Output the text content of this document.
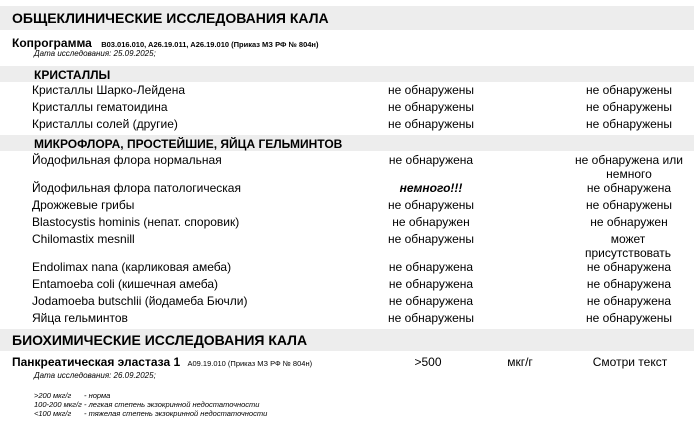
ОБЩЕКЛИНИЧЕСКИЕ ИССЛЕДОВАНИЯ КАЛА
Копрограмма B03.016.010, A26.19.011, A26.19.010 (Приказ МЗ РФ № 804н)
Дата исследования: 25.09.2025;
КРИСТАЛЛЫ
Кристаллы Шарко-Лейдена	не обнаружены	не обнаружены
Кристаллы гематоидина	не обнаружены	не обнаружены
Кристаллы солей (другие)	не обнаружены	не обнаружены
МИКРОФЛОРА, ПРОСТЕЙШИЕ, ЯЙЦА ГЕЛЬМИНТОВ
Йодофильная флора нормальная	не обнаружена	не обнаружена или немного
Йодофильная флора патологическая	немного!!!	не обнаружена
Дрожжевые грибы	не обнаружены	не обнаружены
Blastocystis hominis (непат. споровик)	не обнаружен	не обнаружен
Chilomastix mesnill	не обнаружены	может присутствовать
Endolimax nana (карликовая амеба)	не обнаружена	не обнаружена
Entamoeba coli (кишечная амеба)	не обнаружена	не обнаружена
Jodamoeba butschlii (йодамеба Бючли)	не обнаружена	не обнаружена
Яйца гельминтов	не обнаружены	не обнаружены
БИОХИМИЧЕСКИЕ ИССЛЕДОВАНИЯ КАЛА
Панкреатическая эластаза 1 A09.19.010 (Приказ МЗ РФ № 804н)	>500	мкг/г	Смотри текст
Дата исследования: 26.09.2025;
>200 мкг/г - норма
100-200 мкг/г - легкая степень экзокринной недостаточности
<100 мкг/г - тяжелая степень экзокринной недостаточности
